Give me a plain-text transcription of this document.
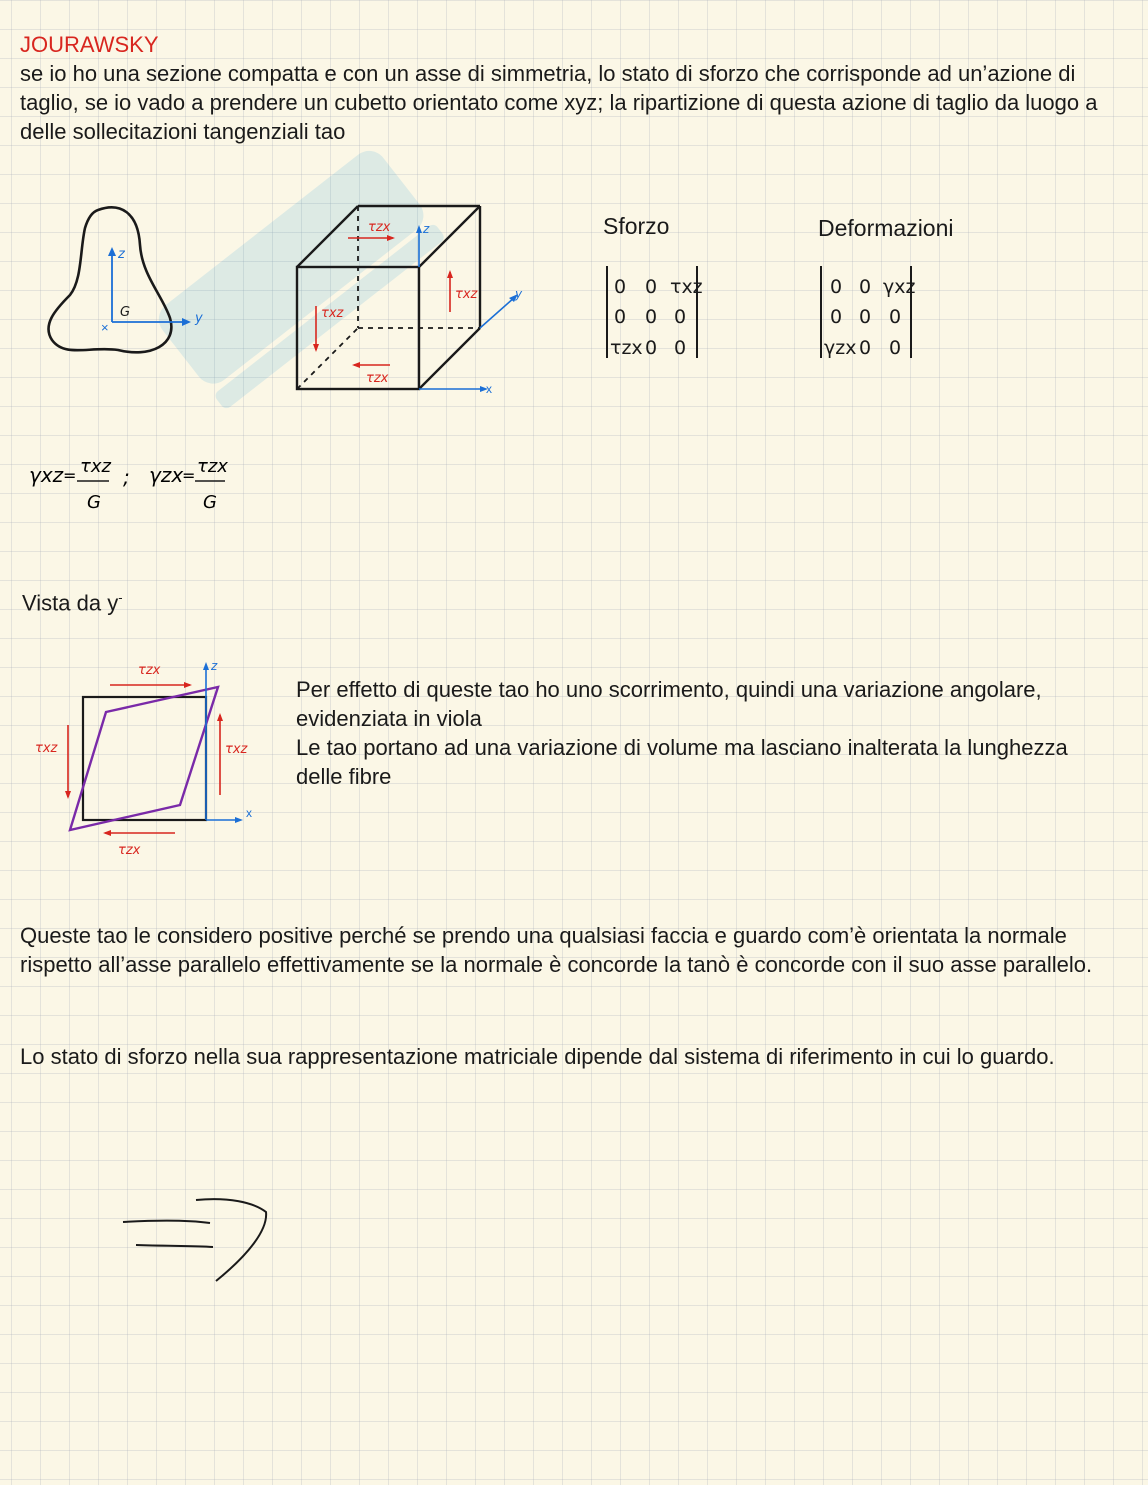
JOURAWSKY
se io ho una sezione compatta e con un asse di simmetria, lo stato di sforzo che corrisponde ad un’azione di taglio, se io vado a prendere un cubetto orientato come xyz; la ripartizione di questa azione di taglio da luogo a delle sollecitazioni tangenziali tao
z
y
G
×
z
x
y
τzx
τxz
τxz
τzx
Sforzo
0 0 τxz
0 0 0
τzx 0 0
Deformazioni
0 0 γxz
0 0 0
γzx 0 0
γxz = τxz
G
; γzx
= τzx
G
Vista da y-
x
z
τzx
τxz	τxz
τzx
Per effetto di queste tao ho uno scorrimento, quindi una variazione angolare, evidenziata in viola
Le tao portano ad una variazione di volume ma lasciano inalterata la lunghezza delle fibre
Queste tao le considero positive perché se prendo una qualsiasi faccia e guardo com’è orientata la normale rispetto all’asse parallelo effettivamente se la normale è concorde la tanò è concorde con il suo asse parallelo.
Lo stato di sforzo nella sua rappresentazione matriciale dipende dal sistema di riferimento in cui lo guardo.
